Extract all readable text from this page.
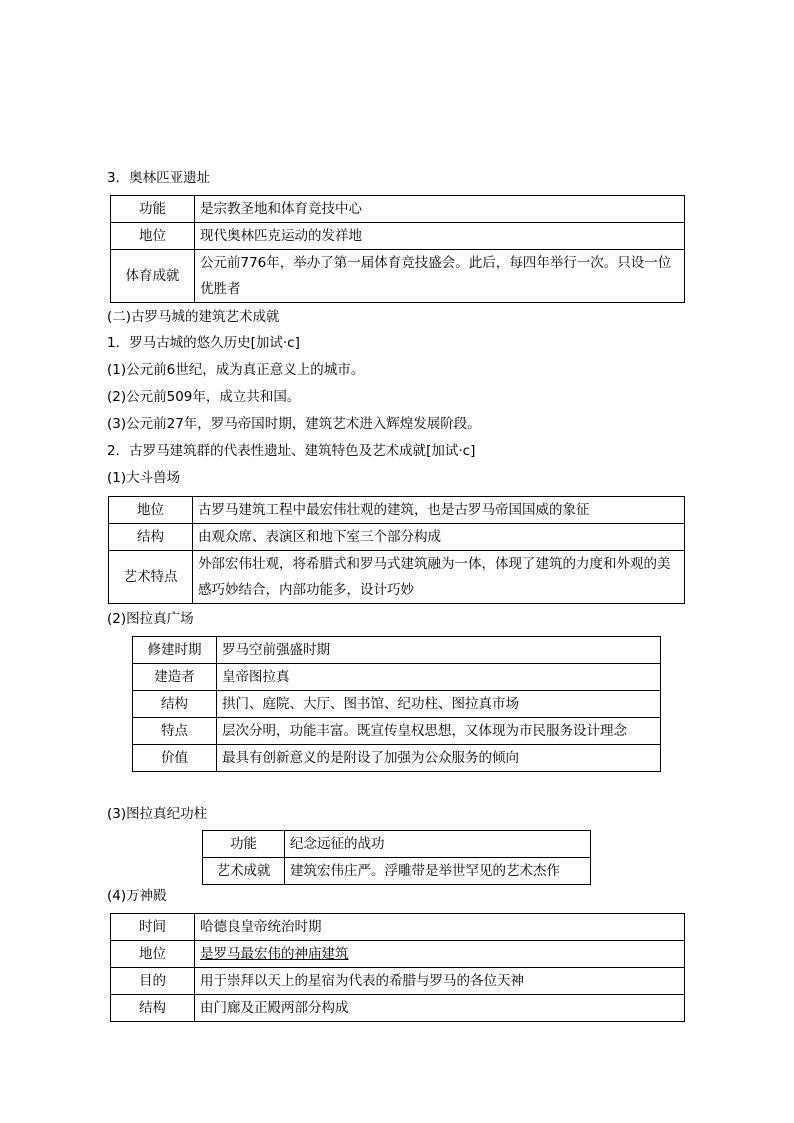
3．奥林匹亚遗址
功能	是宗教圣地和体育竞技中心
地位	现代奥林匹克运动的发祥地
体育成就	公元前776年，举办了第一届体育竞技盛会。此后，每四年举行一次。只设一位优胜者
(二)古罗马城的建筑艺术成就
1．罗马古城的悠久历史[加试·c]
(1)公元前6世纪，成为真正意义上的城市。
(2)公元前509年，成立共和国。
(3)公元前27年，罗马帝国时期，建筑艺术进入辉煌发展阶段。
2．古罗马建筑群的代表性遗址、建筑特色及艺术成就[加试·c]
(1)大斗兽场
地位	古罗马建筑工程中最宏伟壮观的建筑，也是古罗马帝国国威的象征
结构	由观众席、表演区和地下室三个部分构成
艺术特点	外部宏伟壮观，将希腊式和罗马式建筑融为一体，体现了建筑的力度和外观的美感巧妙结合，内部功能多，设计巧妙
(2)图拉真广场
修建时期	罗马空前强盛时期
建造者	皇帝图拉真
结构	拱门、庭院、大厅、图书馆、纪功柱、图拉真市场
特点	层次分明，功能丰富。既宣传皇权思想，又体现为市民服务设计理念
价值	最具有创新意义的是附设了加强为公众服务的倾向
(3)图拉真纪功柱
功能	纪念远征的战功
艺术成就	建筑宏伟庄严。浮雕带是举世罕见的艺术杰作
(4)万神殿
时间	哈德良皇帝统治时期
地位	是罗马最宏伟的神庙建筑
目的	用于崇拜以天上的星宿为代表的希腊与罗马的各位天神
结构	由门廊及正殿两部分构成
